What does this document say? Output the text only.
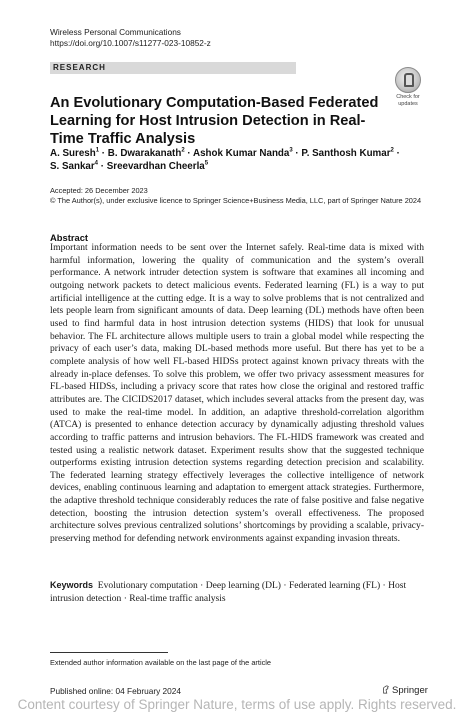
Wireless Personal Communications
https://doi.org/10.1007/s11277-023-10852-z
RESEARCH
Check for
updates
An Evolutionary Computation-Based Federated Learning for Host Intrusion Detection in Real-Time Traffic Analysis
A. Suresh$^1$ · B. Dwarakanath$^2$ · Ashok Kumar Nanda$^3$ · P. Santhosh Kumar$^2$ ·
S. Sankar$^4$ · Sreevardhan Cheerla$^5$
Accepted: 26 December 2023
© The Author(s), under exclusive licence to Springer Science+Business Media, LLC, part of Springer Nature 2024
Abstract
Important information needs to be sent over the Internet safely. Real-time data is mixed with harmful information, lowering the quality of communication and the system’s overall performance. A network intruder detection system is software that examines all incoming and outgoing network packets to detect malicious events. Federated learning (FL) is a way to put artificial intelligence at the cutting edge. It is a way to solve problems that is not centralized and lets people learn from significant amounts of data. Deep learning (DL) methods have often been used to find harmful data in host intrusion detection systems (HIDS) that look for unusual behavior. The FL architecture allows multiple users to train a global model while respecting the privacy of each user’s data, making DL-based methods more useful. But there has yet to be a complete analysis of how well FL-based HIDSs protect against known privacy threats with the already in-place defenses. To solve this problem, we offer two privacy assessment measures for FL-based HIDSs, including a privacy score that rates how close the original and restored traffic attributes are. The CICIDS2017 dataset, which includes several attacks from the present day, was used to make the real-time model. In addition, an adaptive threshold-correlation algorithm (ATCA) is presented to enhance detection accuracy by dynamically adjusting threshold values according to traffic patterns and intrusion behaviors. The FL-HIDS framework was created and tested using a realistic network dataset. Experiment results show that the suggested technique outperforms existing intrusion detection systems regarding detection precision and scalability. The federated learning strategy effectively leverages the collective intelligence of network devices, enabling continuous learning and adaptation to emergent attack strategies. Furthermore, the adaptive threshold technique considerably reduces the rate of false positive and false negative detection, boosting the intrusion detection system’s overall effectiveness. The proposed architecture solves previous centralized solutions’ shortcomings by providing a scalable, privacy-preserving method for defending network environments against expanding invasion threats.
Keywords Evolutionary computation · Deep learning (DL) · Federated learning (FL) · Host intrusion detection · Real-time traffic analysis
Extended author information available on the last page of the article
Published online: 04 February 2024	Springer
Content courtesy of Springer Nature, terms of use apply. Rights reserved.
